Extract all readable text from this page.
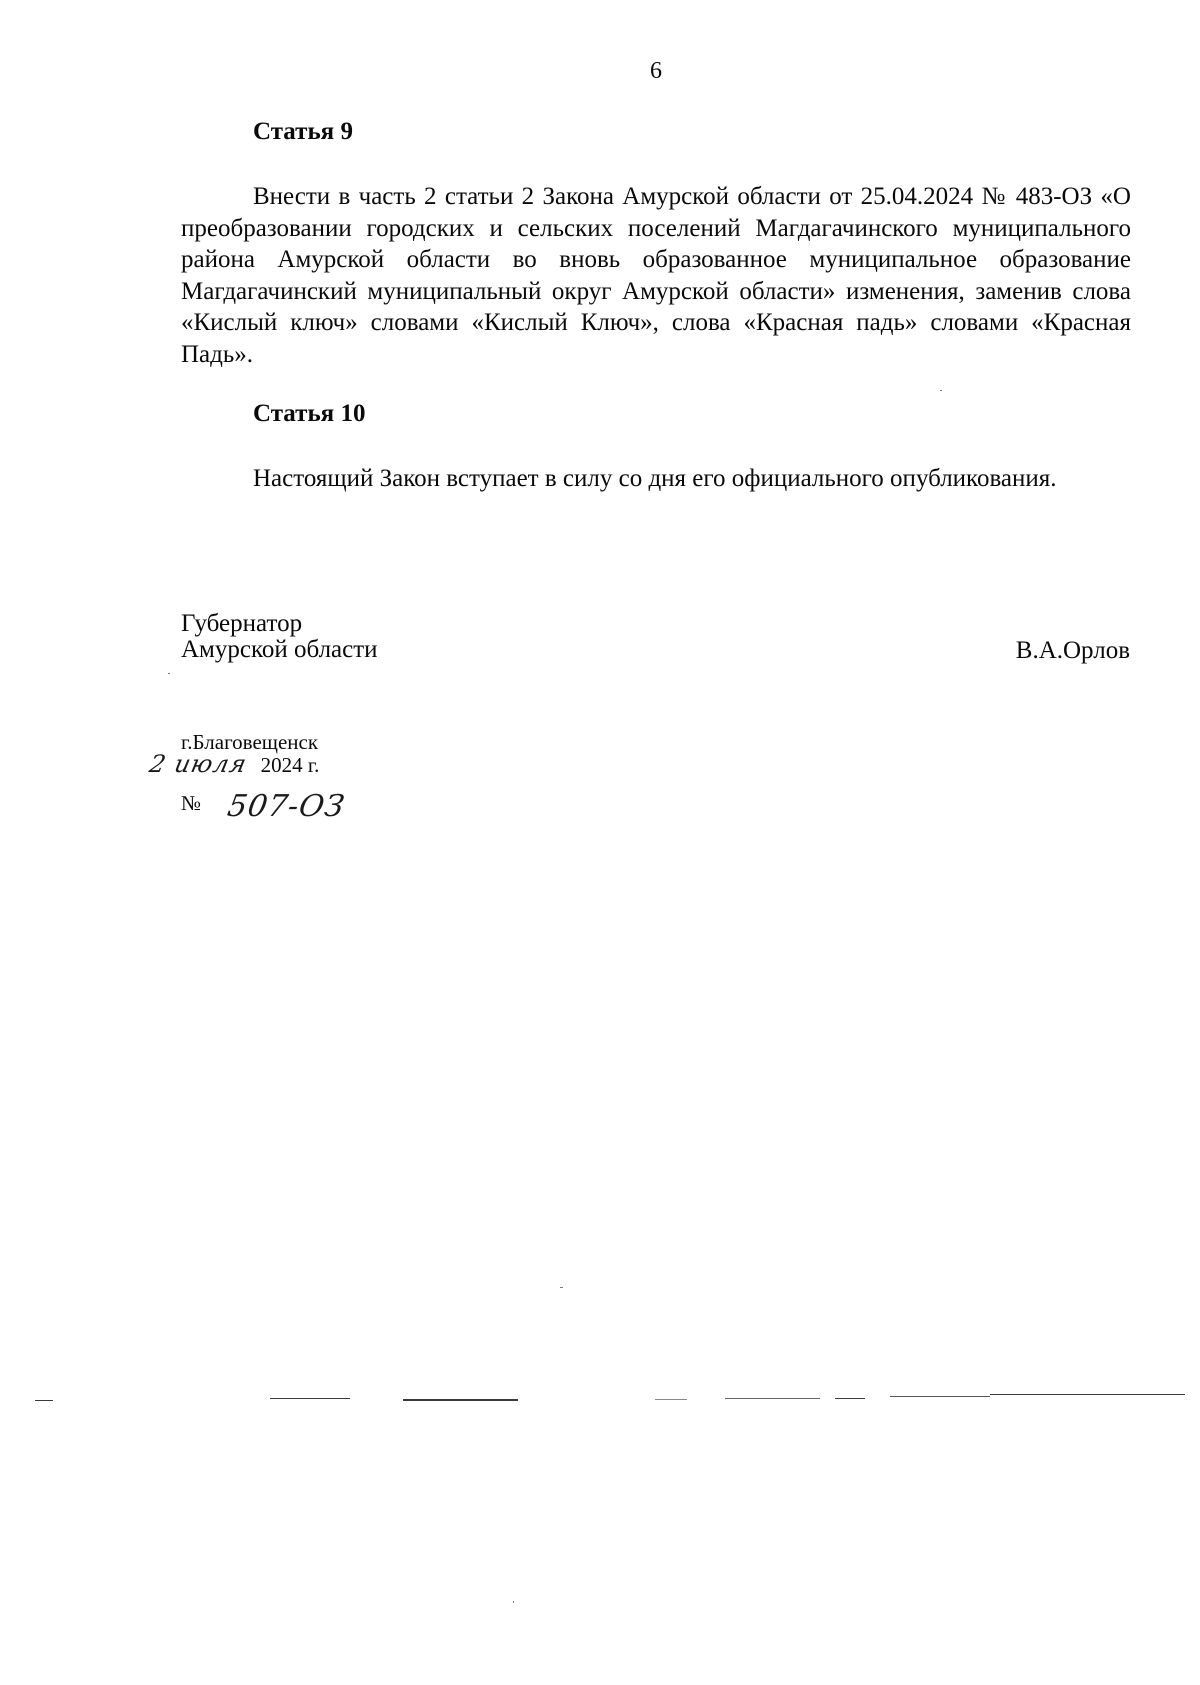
6
Статья 9
Внести в часть 2 статьи 2 Закона Амурской области от 25.04.2024 № 483-ОЗ «О преобразовании городских и сельских поселений Магдагачинского муниципального района Амурской области во вновь образованное муниципальное образование Магдагачинский муниципальный округ Амурской области» изменения, заменив слова «Кислый ключ» словами «Кислый Ключ», слова «Красная падь» словами «Красная Падь».
Статья 10
Настоящий Закон вступает в силу со дня его официального опубликования.
Губернатор
Амурской области	В.А.Орлов
г.Благовещенск
2 июля 2024 г.
№ 507-ОЗ
